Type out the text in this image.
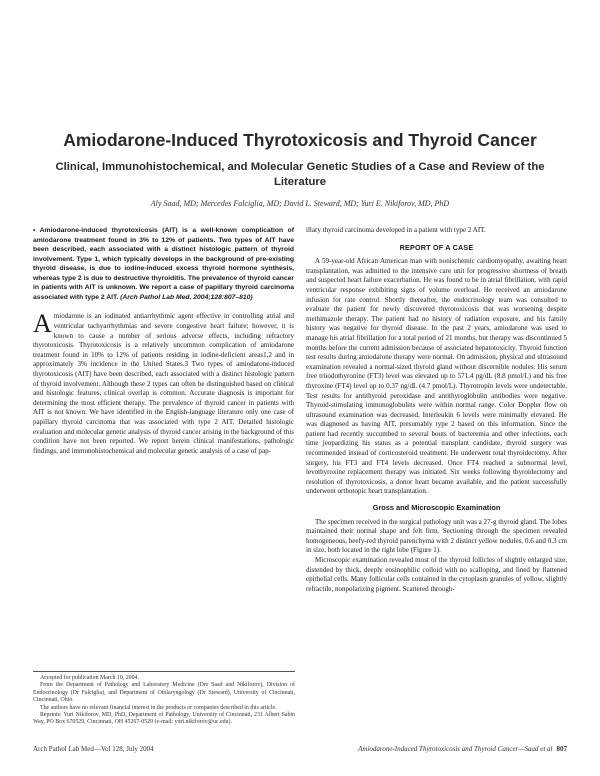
Amiodarone-Induced Thyrotoxicosis and Thyroid Cancer
Clinical, Immunohistochemical, and Molecular Genetic Studies of a Case and Review of the Literature
Aly Saad, MD; Mercedes Falciglia, MD; David L. Steward, MD; Yuri E. Nikiforov, MD, PhD
• Amiodarone-induced thyrotoxicosis (AIT) is a well-known complication of amiodarone treatment found in 3% to 12% of patients. Two types of AIT have been described, each associated with a distinct histologic pattern of thyroid involvement. Type 1, which typically develops in the background of pre-existing thyroid disease, is due to iodine-induced excess thyroid hormone synthesis, whereas type 2 is due to destructive thyroiditis. The prevalence of thyroid cancer in patients with AIT is unknown. We report a case of papillary thyroid carcinoma associated with type 2 AIT. (Arch Pathol Lab Med. 2004;128:807–810)

A miodarone is an iodinated antiarrhythmic agent effective in controlling atrial and ventricular tachyarrhythmias and severe congestive heart failure; however, it is known to cause a number of serious adverse effects, including refractory thyrotoxicosis. Thyrotoxicosis is a relatively uncommon complication of amiodarone treatment found in 10% to 12% of patients residing in iodine-deficient areas1,2 and in approximately 3% incidence in the United States.3 Two types of amiodarone-induced thyrotoxicosis (AIT) have been described, each associated with a distinct histologic pattern of thyroid involvement. Although these 2 types can often be distinguished based on clinical and histologic features, clinical overlap is common. Accurate diagnosis is important for determining the most efficient therapy. The prevalence of thyroid cancer in patients with AIT is not known. We have identified in the English-language literature only one case of papillary thyroid carcinoma that was associated with type 2 AIT. Detailed histologic evaluation and molecular genetic analysis of thyroid cancer arising in the background of this condition have not been reported. We report herein clinical manifestations, pathologic findings, and immunohistochemical and molecular genetic analysis of a case of pap-

illary thyroid carcinoma developed in a patient with type 2 AIT.

REPORT OF A CASE

A 59-year-old African American man with nonischemic cardiomyopathy, awaiting heart transplantation, was admitted to the intensive care unit for progressive shortness of breath and suspected heart failure exacerbation. He was found to be in atrial fibrillation, with rapid ventricular response exhibiting signs of volume overload. He received an amiodarone infusion for rate control. Shortly thereafter, the endocrinology team was consulted to evaluate the patient for newly discovered thyrotoxicosis that was worsening despite methimazole therapy. The patient had no history of radiation exposure, and his family history was negative for thyroid disease. In the past 2 years, amiodarone was used to manage his atrial fibrillation for a total period of 21 months, but therapy was discontinued 5 months before the current admission because of associated hepatotoxicity. Thyroid function test results during amiodarone therapy were normal. On admission, physical and ultrasound examination revealed a normal-sized thyroid gland without discernible nodules. His serum free triiodothyronine (FT3) level was elevated up to 571.4 pg/dL (8.8 pmol/L) and his free thyroxine (FT4) level up to 0.37 ng/dL (4.7 pmol/L). Thyrotropin levels were undetectable. Test results for antithyroid peroxidase and antithyroglobulin antibodies were negative. Thyroid-stimulating immunoglobulins were within normal range. Color Doppler flow on ultrasound examination was decreased. Interleukin 6 levels were minimally elevated. He was diagnosed as having AIT, presumably type 2 based on this information. Since the patient had recently succumbed to several bouts of bacteremia and other infections, each time jeopardizing his status as a potential transplant candidate, thyroid surgery was recommended instead of corticosteroid treatment. He underwent total thyroidectomy. After surgery, his FT3 and FT4 levels decreased. Once FT4 reached a subnormal level, levothyroxine replacement therapy was initiated. Six weeks following thyroidectomy and resolution of thyrotoxicosis, a donor heart became available, and the patient successfully underwent orthotopic heart transplantation.

Gross and Microscopic Examination

The specimen received in the surgical pathology unit was a 27-g thyroid gland. The lobes maintained their normal shape and felt firm. Sectioning through the specimen revealed homogeneous, beefy-red thyroid parenchyma with 2 distinct yellow nodules, 0.6 and 0.3 cm in size, both located in the right lobe (Figure 1).

Microscopic examination revealed most of the thyroid follicles of slightly enlarged size, distended by thick, deeply eosinophilic colloid with no scalloping, and lined by flattened epithelial cells. Many follicular cells contained in the cytoplasm granules of yellow, slightly refractile, nonpolarizing pigment. Scattered through-

Accepted for publication March 10, 2004.

From the Department of Pathology and Laboratory Medicine (Drs Saad and Nikiforov), Division of Endocrinology (Dr Falciglia), and Department of Otolaryngology (Dr Steward), University of Cincinnati, Cincinnati, Ohio.

The authors have no relevant financial interest in the products or companies described in this article.

Reprints: Yuri Nikiforov, MD, PhD, Department of Pathology, University of Cincinnati, 231 Albert Sabin Way, PO Box 670529, Cincinnati, OH 45267-0529 (e-mail: yuri.nikiforov@uc.edu).

Arch Pathol Lab Med—Vol 128, July 2004	Amiodarone-Induced Thyrotoxicosis and Thyroid Cancer—Saad et al 807
